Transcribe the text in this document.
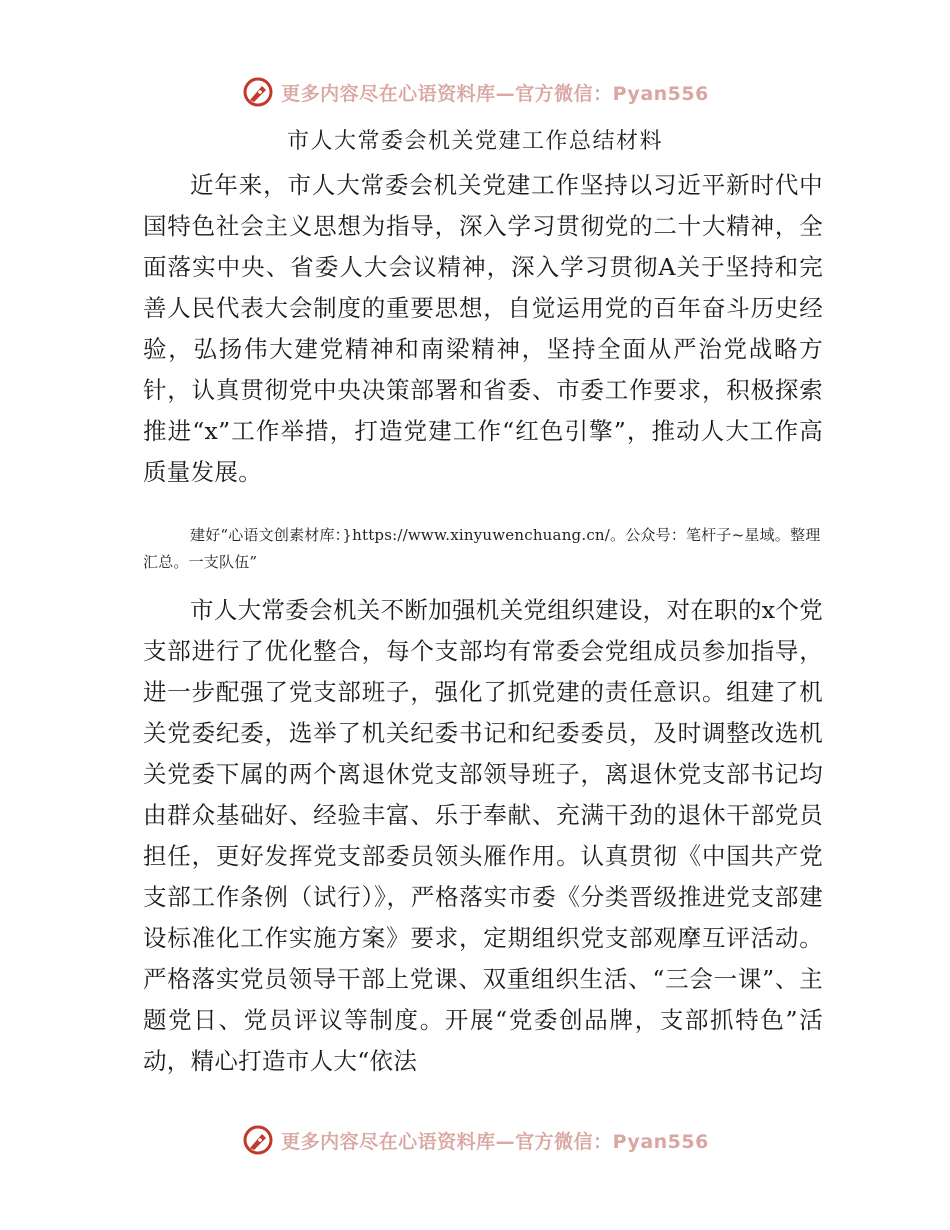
更多内容尽在心语资料库—官方微信：Pyan556
市人大常委会机关党建工作总结材料

近年来，市人大常委会机关党建工作坚持以习近平新时代中国特色社会主义思想为指导，深入学习贯彻党的二十大精神，全面落实中央、省委人大会议精神，深入学习贯彻A关于坚持和完善人民代表大会制度的重要思想，自觉运用党的百年奋斗历史经验，弘扬伟大建党精神和南梁精神，坚持全面从严治党战略方针，认真贯彻党中央决策部署和省委、市委工作要求，积极探索推进“x”工作举措，打造党建工作“红色引擎”，推动人大工作高质量发展。

建好“心语文创素材库：}https://www.xinyuwenchuang.cn/。公众号：笔杆子~星域。整理汇总。一支队伍”

市人大常委会机关不断加强机关党组织建设，对在职的x个党支部进行了优化整合，每个支部均有常委会党组成员参加指导，进一步配强了党支部班子，强化了抓党建的责任意识。组建了机关党委纪委，选举了机关纪委书记和纪委委员，及时调整改选机关党委下属的两个离退休党支部领导班子，离退休党支部书记均由群众基础好、经验丰富、乐于奉献、充满干劲的退休干部党员担任，更好发挥党支部委员领头雁作用。认真贯彻《中国共产党支部工作条例（试行）》，严格落实市委《分类晋级推进党支部建设标准化工作实施方案》要求，定期组织党支部观摩互评活动。严格落实党员领导干部上党课、双重组织生活、“三会一课”、主题党日、党员评议等制度。开展“党委创品牌，支部抓特色”活动，精心打造市人大“依法

更多内容尽在心语资料库—官方微信：Pyan556
